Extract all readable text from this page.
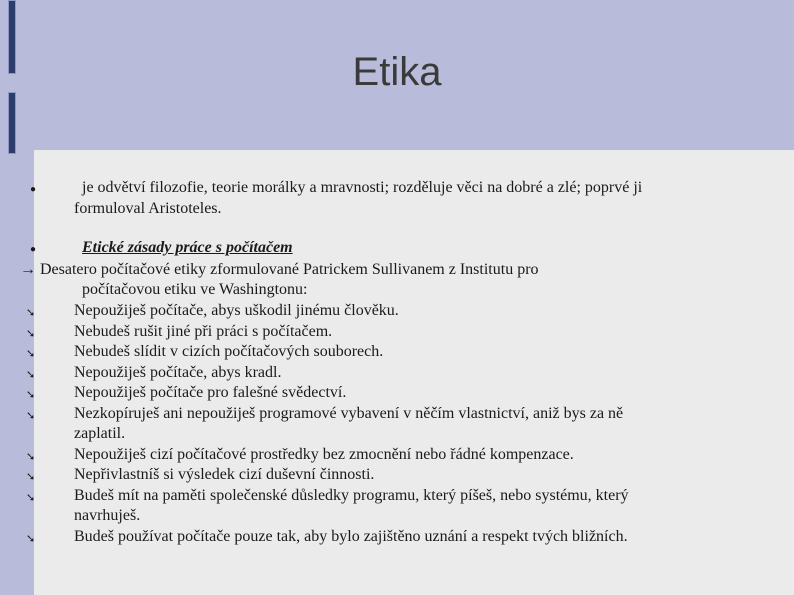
Etika
●	je odvětví filozofie, teorie morálky a mravnosti; rozděluje věci na dobré a zlé; poprvé ji
formuloval Aristoteles.
●	Etické zásady práce s počítačem
→ Desatero počítačové etiky zformulované Patrickem Sullivanem z Institutu pro
počítačovou etiku ve Washingtonu:
➘ Nepoužiješ počítače, abys uškodil jinému člověku.
➘ Nebudeš rušit jiné při práci s počítačem.
➘ Nebudeš slídit v cizích počítačových souborech.
➘ Nepoužiješ počítače, abys kradl.
➘ Nepoužiješ počítače pro falešné svědectví.
➘ Nezkopíruješ ani nepoužiješ programové vybavení v něčím vlastnictví, aniž bys za ně
zaplatil.
➘ Nepoužiješ cizí počítačové prostředky bez zmocnění nebo řádné kompenzace.
➘ Nepřivlastníš si výsledek cizí duševní činnosti.
➘ Budeš mít na paměti společenské důsledky programu, který píšeš, nebo systému, který
navrhuješ.
➘ Budeš používat počítače pouze tak, aby bylo zajištěno uznání a respekt tvých bližních.
